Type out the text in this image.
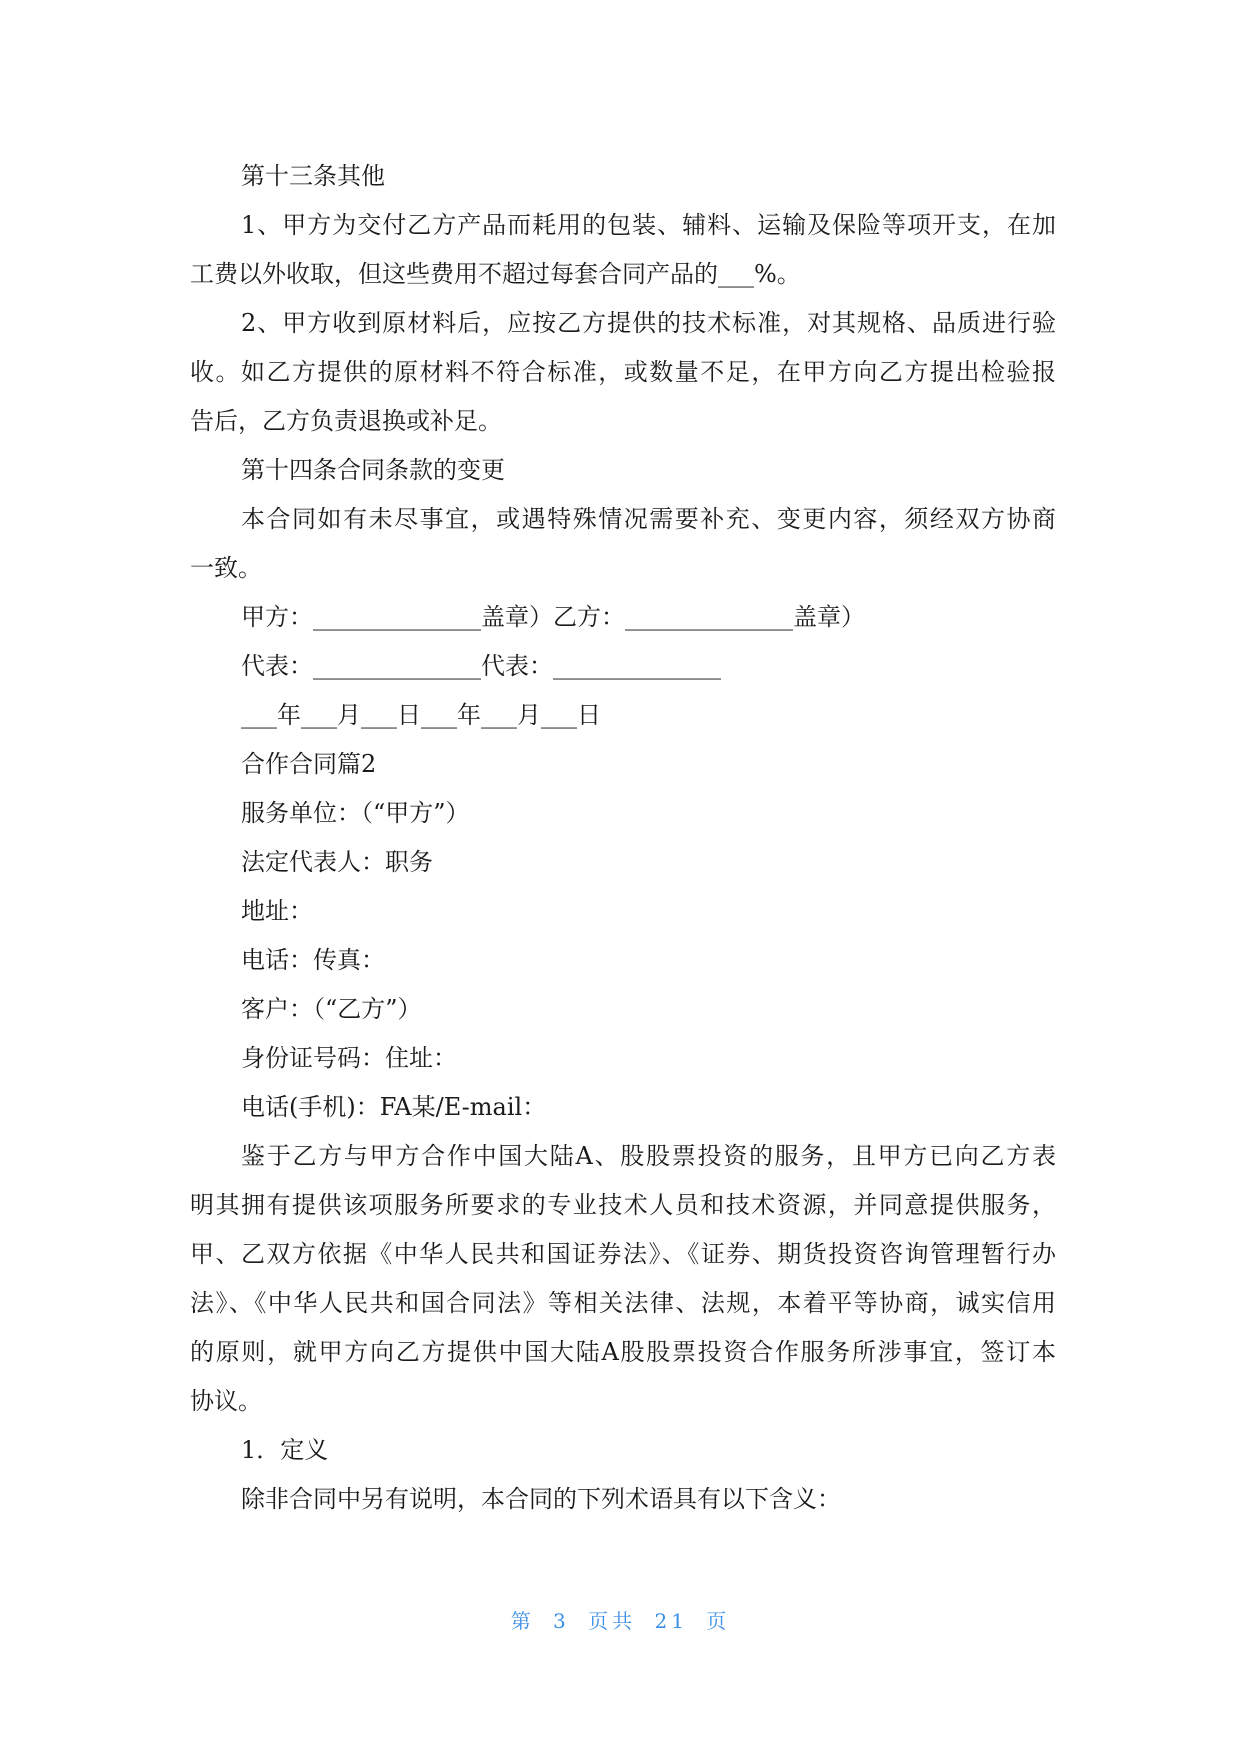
第十三条其他
1、甲方为交付乙方产品而耗用的包装、辅料、运输及保险等项开支，在加
工费以外收取，但这些费用不超过每套合同产品的___%。
2、甲方收到原材料后，应按乙方提供的技术标准，对其规格、品质进行验
收。如乙方提供的原材料不符合标准，或数量不足，在甲方向乙方提出检验报
告后，乙方负责退换或补足。
第十四条合同条款的变更
本合同如有未尽事宜，或遇特殊情况需要补充、变更内容，须经双方协商
一致。
甲方：______________盖章）乙方：______________盖章）
代表：______________代表：______________
___年___月___日___年___月___日
合作合同篇2
服务单位：（“甲方”）
法定代表人：职务
地址：
电话：传真：
客户：（“乙方”）
身份证号码：住址：
电话(手机)：FA某/E-mail：
鉴于乙方与甲方合作中国大陆A、股股票投资的服务，且甲方已向乙方表
明其拥有提供该项服务所要求的专业技术人员和技术资源，并同意提供服务，
甲、乙双方依据《中华人民共和国证券法》、《证券、期货投资咨询管理暂行办
法》、《中华人民共和国合同法》等相关法律、法规，本着平等协商，诚实信用
的原则，就甲方向乙方提供中国大陆A股股票投资合作服务所涉事宜，签订本
协议。
1．定义
除非合同中另有说明，本合同的下列术语具有以下含义：
第 3 页共 21 页
